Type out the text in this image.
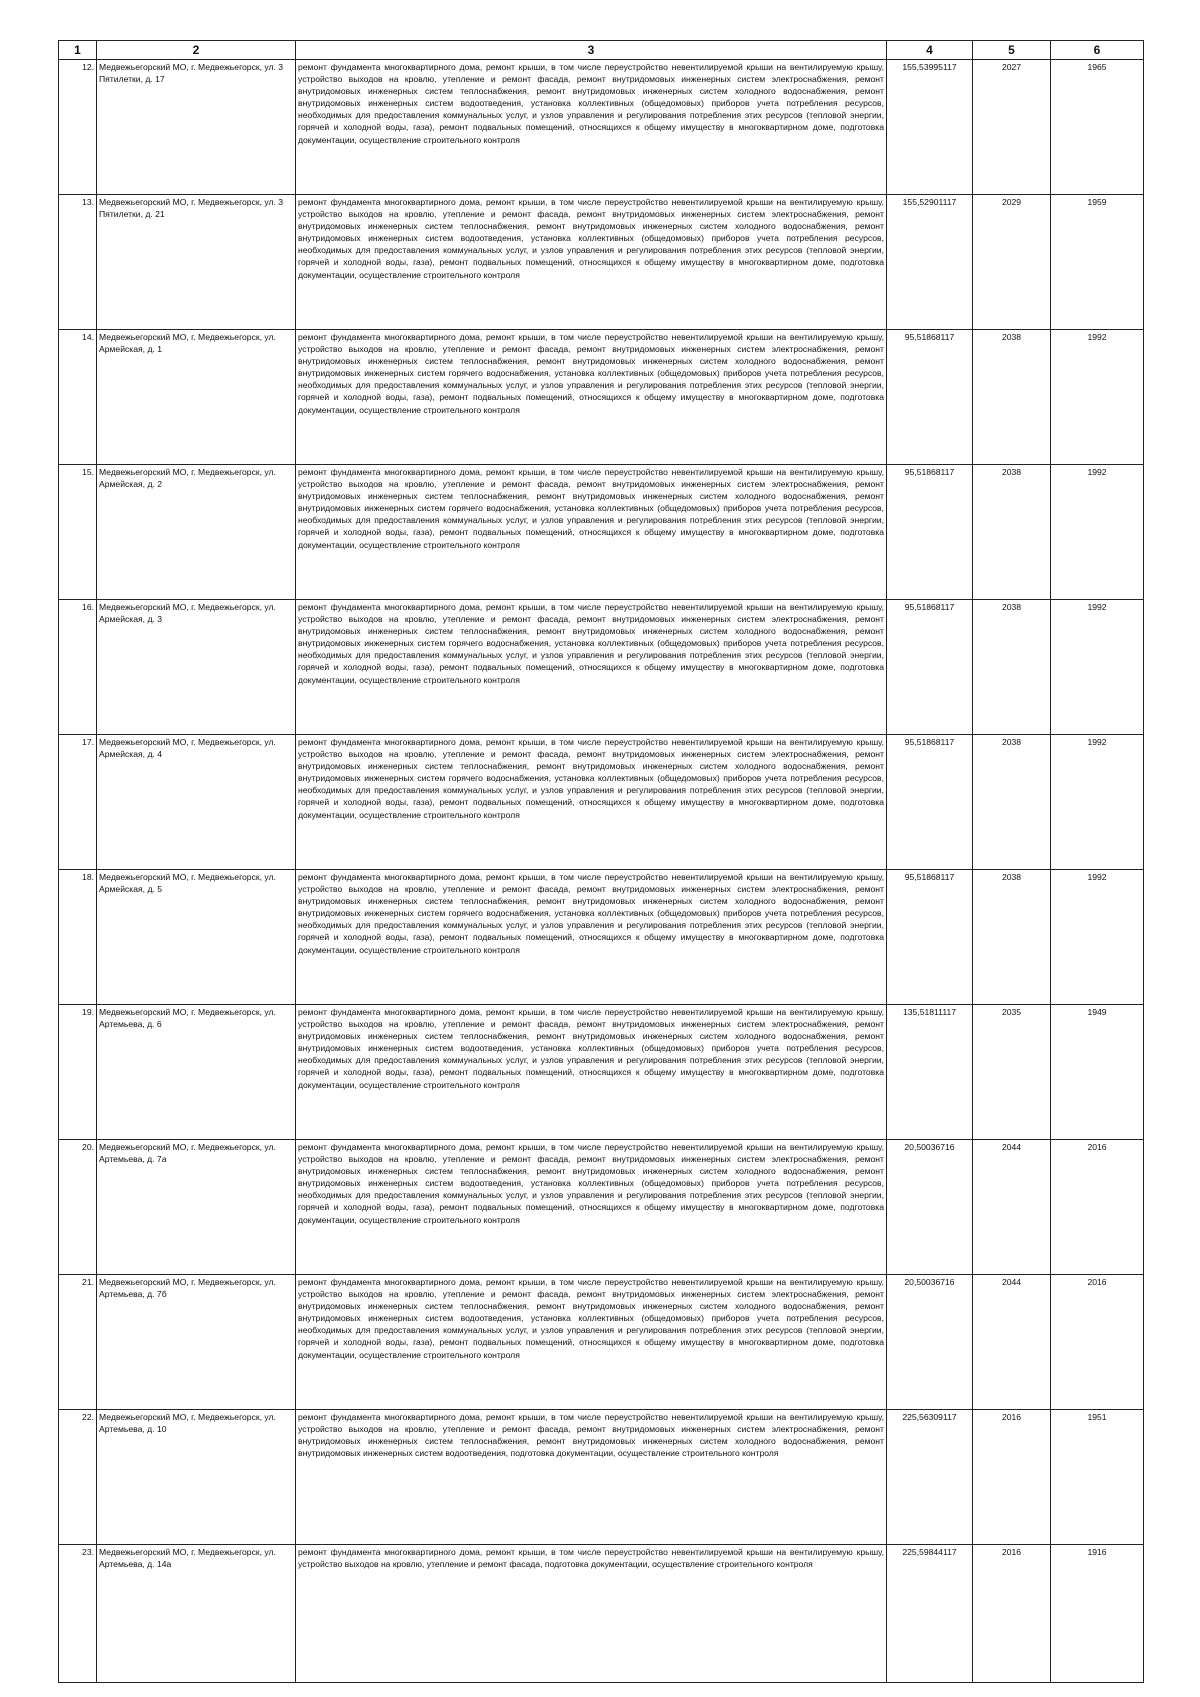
1	2	3	4	5	6
12.	Медвежьегорский МО, г. Медвежьегорск, ул. 3 Пятилетки, д. 17	ремонт фундамента многоквартирного дома, ремонт крыши, в том числе переустройство невентилируемой крыши на вентилируемую крышу, устройство выходов на кровлю, утепление и ремонт фасада, ремонт внутридомовых инженерных систем электроснабжения, ремонт внутридомовых инженерных систем теплоснабжения, ремонт внутридомовых инженерных систем холодного водоснабжения, ремонт внутридомовых инженерных систем водоотведения, установка коллективных (общедомовых) приборов учета потребления ресурсов, необходимых для предоставления коммунальных услуг, и узлов управления и регулирования потребления этих ресурсов (тепловой энергии, горячей и холодной воды, газа), ремонт подвальных помещений, относящихся к общему имуществу в многоквартирном доме, подготовка документации, осуществление строительного контроля	155,53995117	2027	1965
13.	Медвежьегорский МО, г. Медвежьегорск, ул. 3 Пятилетки, д. 21	ремонт фундамента многоквартирного дома, ремонт крыши, в том числе переустройство невентилируемой крыши на вентилируемую крышу, устройство выходов на кровлю, утепление и ремонт фасада, ремонт внутридомовых инженерных систем электроснабжения, ремонт внутридомовых инженерных систем теплоснабжения, ремонт внутридомовых инженерных систем холодного водоснабжения, ремонт внутридомовых инженерных систем водоотведения, установка коллективных (общедомовых) приборов учета потребления ресурсов, необходимых для предоставления коммунальных услуг, и узлов управления и регулирования потребления этих ресурсов (тепловой энергии, горячей и холодной воды, газа), ремонт подвальных помещений, относящихся к общему имуществу в многоквартирном доме, подготовка документации, осуществление строительного контроля	155,52901117	2029	1959
14.	Медвежьегорский МО, г. Медвежьегорск, ул. Армейская, д. 1	ремонт фундамента многоквартирного дома, ремонт крыши, в том числе переустройство невентилируемой крыши на вентилируемую крышу, устройство выходов на кровлю, утепление и ремонт фасада, ремонт внутридомовых инженерных систем электроснабжения, ремонт внутридомовых инженерных систем теплоснабжения, ремонт внутридомовых инженерных систем холодного водоснабжения, ремонт внутридомовых инженерных систем горячего водоснабжения, установка коллективных (общедомовых) приборов учета потребления ресурсов, необходимых для предоставления коммунальных услуг, и узлов управления и регулирования потребления этих ресурсов (тепловой энергии, горячей и холодной воды, газа), ремонт подвальных помещений, относящихся к общему имуществу в многоквартирном доме, подготовка документации, осуществление строительного контроля	95,51868117	2038	1992
15.	Медвежьегорский МО, г. Медвежьегорск, ул. Армейская, д. 2	ремонт фундамента многоквартирного дома, ремонт крыши, в том числе переустройство невентилируемой крыши на вентилируемую крышу, устройство выходов на кровлю, утепление и ремонт фасада, ремонт внутридомовых инженерных систем электроснабжения, ремонт внутридомовых инженерных систем теплоснабжения, ремонт внутридомовых инженерных систем холодного водоснабжения, ремонт внутридомовых инженерных систем горячего водоснабжения, установка коллективных (общедомовых) приборов учета потребления ресурсов, необходимых для предоставления коммунальных услуг, и узлов управления и регулирования потребления этих ресурсов (тепловой энергии, горячей и холодной воды, газа), ремонт подвальных помещений, относящихся к общему имуществу в многоквартирном доме, подготовка документации, осуществление строительного контроля	95,51868117	2038	1992
16.	Медвежьегорский МО, г. Медвежьегорск, ул. Армейская, д. 3	ремонт фундамента многоквартирного дома, ремонт крыши, в том числе переустройство невентилируемой крыши на вентилируемую крышу, устройство выходов на кровлю, утепление и ремонт фасада, ремонт внутридомовых инженерных систем электроснабжения, ремонт внутридомовых инженерных систем теплоснабжения, ремонт внутридомовых инженерных систем холодного водоснабжения, ремонт внутридомовых инженерных систем горячего водоснабжения, установка коллективных (общедомовых) приборов учета потребления ресурсов, необходимых для предоставления коммунальных услуг, и узлов управления и регулирования потребления этих ресурсов (тепловой энергии, горячей и холодной воды, газа), ремонт подвальных помещений, относящихся к общему имуществу в многоквартирном доме, подготовка документации, осуществление строительного контроля	95,51868117	2038	1992
17.	Медвежьегорский МО, г. Медвежьегорск, ул. Армейская, д. 4	ремонт фундамента многоквартирного дома, ремонт крыши, в том числе переустройство невентилируемой крыши на вентилируемую крышу, устройство выходов на кровлю, утепление и ремонт фасада, ремонт внутридомовых инженерных систем электроснабжения, ремонт внутридомовых инженерных систем теплоснабжения, ремонт внутридомовых инженерных систем холодного водоснабжения, ремонт внутридомовых инженерных систем горячего водоснабжения, установка коллективных (общедомовых) приборов учета потребления ресурсов, необходимых для предоставления коммунальных услуг, и узлов управления и регулирования потребления этих ресурсов (тепловой энергии, горячей и холодной воды, газа), ремонт подвальных помещений, относящихся к общему имуществу в многоквартирном доме, подготовка документации, осуществление строительного контроля	95,51868117	2038	1992
18.	Медвежьегорский МО, г. Медвежьегорск, ул. Армейская, д. 5	ремонт фундамента многоквартирного дома, ремонт крыши, в том числе переустройство невентилируемой крыши на вентилируемую крышу, устройство выходов на кровлю, утепление и ремонт фасада, ремонт внутридомовых инженерных систем электроснабжения, ремонт внутридомовых инженерных систем теплоснабжения, ремонт внутридомовых инженерных систем холодного водоснабжения, ремонт внутридомовых инженерных систем горячего водоснабжения, установка коллективных (общедомовых) приборов учета потребления ресурсов, необходимых для предоставления коммунальных услуг, и узлов управления и регулирования потребления этих ресурсов (тепловой энергии, горячей и холодной воды, газа), ремонт подвальных помещений, относящихся к общему имуществу в многоквартирном доме, подготовка документации, осуществление строительного контроля	95,51868117	2038	1992
19.	Медвежьегорский МО, г. Медвежьегорск, ул. Артемьева, д. 6	ремонт фундамента многоквартирного дома, ремонт крыши, в том числе переустройство невентилируемой крыши на вентилируемую крышу, устройство выходов на кровлю, утепление и ремонт фасада, ремонт внутридомовых инженерных систем электроснабжения, ремонт внутридомовых инженерных систем теплоснабжения, ремонт внутридомовых инженерных систем холодного водоснабжения, ремонт внутридомовых инженерных систем водоотведения, установка коллективных (общедомовых) приборов учета потребления ресурсов, необходимых для предоставления коммунальных услуг, и узлов управления и регулирования потребления этих ресурсов (тепловой энергии, горячей и холодной воды, газа), ремонт подвальных помещений, относящихся к общему имуществу в многоквартирном доме, подготовка документации, осуществление строительного контроля	135,51811117	2035	1949
20.	Медвежьегорский МО, г. Медвежьегорск, ул. Артемьева, д. 7а	ремонт фундамента многоквартирного дома, ремонт крыши, в том числе переустройство невентилируемой крыши на вентилируемую крышу, устройство выходов на кровлю, утепление и ремонт фасада, ремонт внутридомовых инженерных систем электроснабжения, ремонт внутридомовых инженерных систем теплоснабжения, ремонт внутридомовых инженерных систем холодного водоснабжения, ремонт внутридомовых инженерных систем водоотведения, установка коллективных (общедомовых) приборов учета потребления ресурсов, необходимых для предоставления коммунальных услуг, и узлов управления и регулирования потребления этих ресурсов (тепловой энергии, горячей и холодной воды, газа), ремонт подвальных помещений, относящихся к общему имуществу в многоквартирном доме, подготовка документации, осуществление строительного контроля	20,50036716	2044	2016
21.	Медвежьегорский МО, г. Медвежьегорск, ул. Артемьева, д. 7б	ремонт фундамента многоквартирного дома, ремонт крыши, в том числе переустройство невентилируемой крыши на вентилируемую крышу, устройство выходов на кровлю, утепление и ремонт фасада, ремонт внутридомовых инженерных систем электроснабжения, ремонт внутридомовых инженерных систем теплоснабжения, ремонт внутридомовых инженерных систем холодного водоснабжения, ремонт внутридомовых инженерных систем водоотведения, установка коллективных (общедомовых) приборов учета потребления ресурсов, необходимых для предоставления коммунальных услуг, и узлов управления и регулирования потребления этих ресурсов (тепловой энергии, горячей и холодной воды, газа), ремонт подвальных помещений, относящихся к общему имуществу в многоквартирном доме, подготовка документации, осуществление строительного контроля	20,50036716	2044	2016
22.	Медвежьегорский МО, г. Медвежьегорск, ул. Артемьева, д. 10	ремонт фундамента многоквартирного дома, ремонт крыши, в том числе переустройство невентилируемой крыши на вентилируемую крышу, устройство выходов на кровлю, утепление и ремонт фасада, ремонт внутридомовых инженерных систем электроснабжения, ремонт внутридомовых инженерных систем теплоснабжения, ремонт внутридомовых инженерных систем холодного водоснабжения, ремонт внутридомовых инженерных систем водоотведения, подготовка документации, осуществление строительного контроля	225,56309117	2016	1951
23.	Медвежьегорский МО, г. Медвежьегорск, ул. Артемьева, д. 14а	ремонт фундамента многоквартирного дома, ремонт крыши, в том числе переустройство невентилируемой крыши на вентилируемую крышу, устройство выходов на кровлю, утепление и ремонт фасада, подготовка документации, осуществление строительного контроля	225,59844117	2016	1916
